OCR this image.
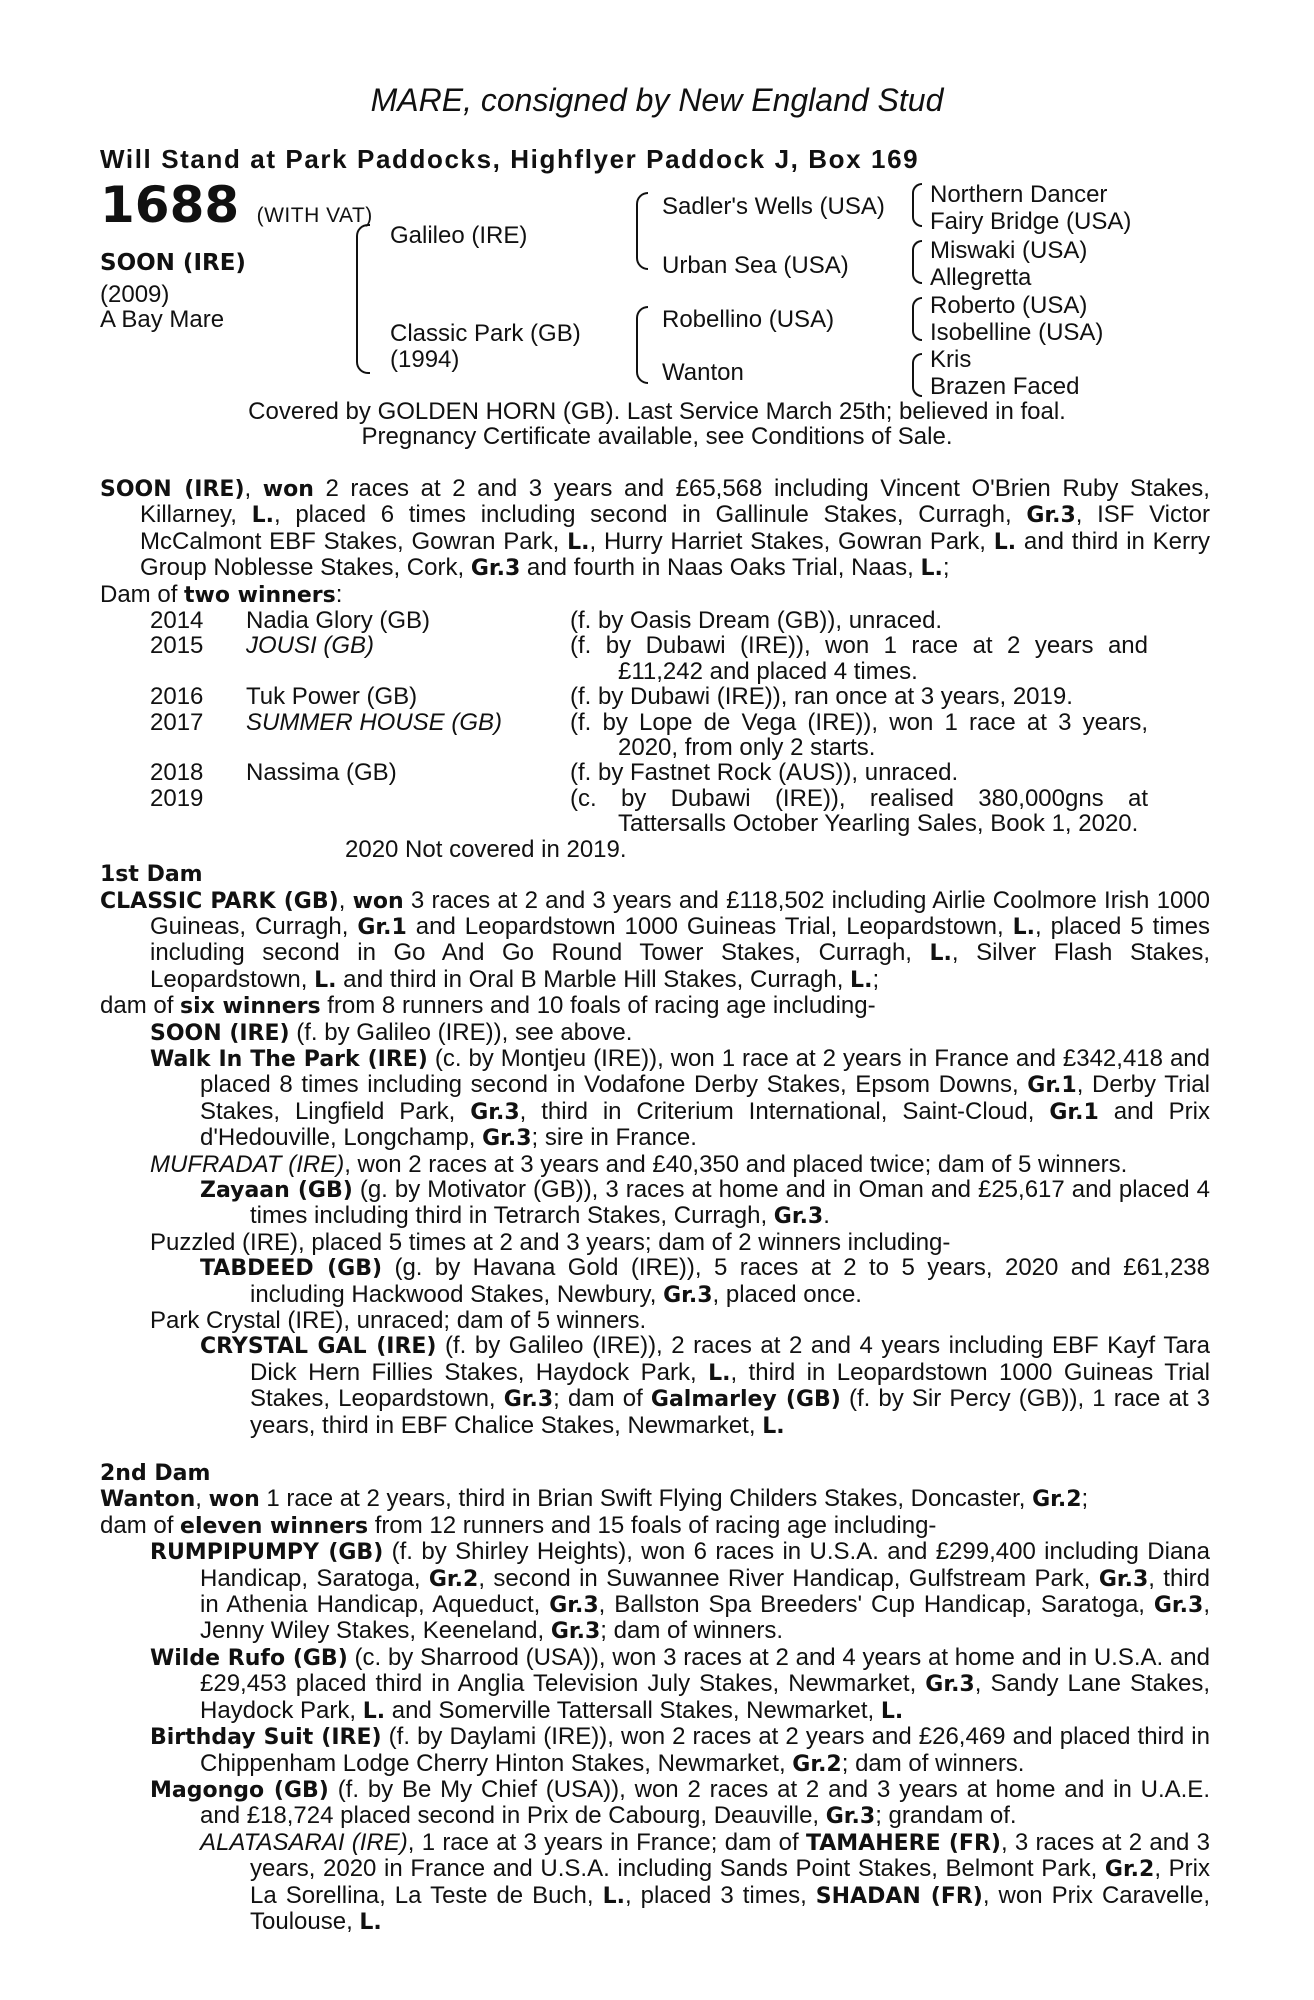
MARE, consigned by New England Stud
Will Stand at Park Paddocks, Highflyer Paddock J, Box 169
1688 (WITH VAT)
SOON (IRE)
(2009)
A Bay Mare
Galileo (IRE)
Classic Park (GB)
(1994)
Sadler's Wells (USA)
Urban Sea (USA)
Robellino (USA)
Wanton
Northern Dancer
Fairy Bridge (USA)
Miswaki (USA)
Allegretta
Roberto (USA)
Isobelline (USA)
Kris
Brazen Faced
Covered by GOLDEN HORN (GB). Last Service March 25th; believed in foal.
Pregnancy Certificate available, see Conditions of Sale.

SOON (IRE), won 2 races at 2 and 3 years and £65,568 including Vincent O'Brien Ruby Stakes, Killarney, L., placed 6 times including second in Gallinule Stakes, Curragh, Gr.3, ISF Victor McCalmont EBF Stakes, Gowran Park, L., Hurry Harriet Stakes, Gowran Park, L. and third in Kerry Group Noblesse Stakes, Cork, Gr.3 and fourth in Naas Oaks Trial, Naas, L.;

Dam of two winners:

2014	Nadia Glory (GB)	(f. by Oasis Dream (GB)), unraced.
2015	JOUSI (GB)	(f. by Dubawi (IRE)), won 1 race at 2 years and £11,242 and placed 4 times.
2016	Tuk Power (GB)	(f. by Dubawi (IRE)), ran once at 3 years, 2019.
2017	SUMMER HOUSE (GB)	(f. by Lope de Vega (IRE)), won 1 race at 3 years, 2020, from only 2 starts.
2018	Nassima (GB)	(f. by Fastnet Rock (AUS)), unraced.
2019		(c. by Dubawi (IRE)), realised 380,000gns at Tattersalls October Yearling Sales, Book 1, 2020.

2020 Not covered in 2019.

1st Dam

CLASSIC PARK (GB), won 3 races at 2 and 3 years and £118,502 including Airlie Coolmore Irish 1000 Guineas, Curragh, Gr.1 and Leopardstown 1000 Guineas Trial, Leopardstown, L., placed 5 times including second in Go And Go Round Tower Stakes, Curragh, L., Silver Flash Stakes, Leopardstown, L. and third in Oral B Marble Hill Stakes, Curragh, L.;

dam of six winners from 8 runners and 10 foals of racing age including-

SOON (IRE) (f. by Galileo (IRE)), see above.

Walk In The Park (IRE) (c. by Montjeu (IRE)), won 1 race at 2 years in France and £342,418 and placed 8 times including second in Vodafone Derby Stakes, Epsom Downs, Gr.1, Derby Trial Stakes, Lingfield Park, Gr.3, third in Criterium International, Saint-Cloud, Gr.1 and Prix d'Hedouville, Longchamp, Gr.3; sire in France.

MUFRADAT (IRE), won 2 races at 3 years and £40,350 and placed twice; dam of 5 winners.

Zayaan (GB) (g. by Motivator (GB)), 3 races at home and in Oman and £25,617 and placed 4 times including third in Tetrarch Stakes, Curragh, Gr.3.

Puzzled (IRE), placed 5 times at 2 and 3 years; dam of 2 winners including-

TABDEED (GB) (g. by Havana Gold (IRE)), 5 races at 2 to 5 years, 2020 and £61,238 including Hackwood Stakes, Newbury, Gr.3, placed once.

Park Crystal (IRE), unraced; dam of 5 winners.

CRYSTAL GAL (IRE) (f. by Galileo (IRE)), 2 races at 2 and 4 years including EBF Kayf Tara Dick Hern Fillies Stakes, Haydock Park, L., third in Leopardstown 1000 Guineas Trial Stakes, Leopardstown, Gr.3; dam of Galmarley (GB) (f. by Sir Percy (GB)), 1 race at 3 years, third in EBF Chalice Stakes, Newmarket, L.

2nd Dam

Wanton, won 1 race at 2 years, third in Brian Swift Flying Childers Stakes, Doncaster, Gr.2;

dam of eleven winners from 12 runners and 15 foals of racing age including-

RUMPIPUMPY (GB) (f. by Shirley Heights), won 6 races in U.S.A. and £299,400 including Diana Handicap, Saratoga, Gr.2, second in Suwannee River Handicap, Gulfstream Park, Gr.3, third in Athenia Handicap, Aqueduct, Gr.3, Ballston Spa Breeders' Cup Handicap, Saratoga, Gr.3, Jenny Wiley Stakes, Keeneland, Gr.3; dam of winners.

Wilde Rufo (GB) (c. by Sharrood (USA)), won 3 races at 2 and 4 years at home and in U.S.A. and £29,453 placed third in Anglia Television July Stakes, Newmarket, Gr.3, Sandy Lane Stakes, Haydock Park, L. and Somerville Tattersall Stakes, Newmarket, L.

Birthday Suit (IRE) (f. by Daylami (IRE)), won 2 races at 2 years and £26,469 and placed third in Chippenham Lodge Cherry Hinton Stakes, Newmarket, Gr.2; dam of winners.

Magongo (GB) (f. by Be My Chief (USA)), won 2 races at 2 and 3 years at home and in U.A.E. and £18,724 placed second in Prix de Cabourg, Deauville, Gr.3; grandam of.

ALATASARAI (IRE), 1 race at 3 years in France; dam of TAMAHERE (FR), 3 races at 2 and 3 years, 2020 in France and U.S.A. including Sands Point Stakes, Belmont Park, Gr.2, Prix La Sorellina, La Teste de Buch, L., placed 3 times, SHADAN (FR), won Prix Caravelle, Toulouse, L.
